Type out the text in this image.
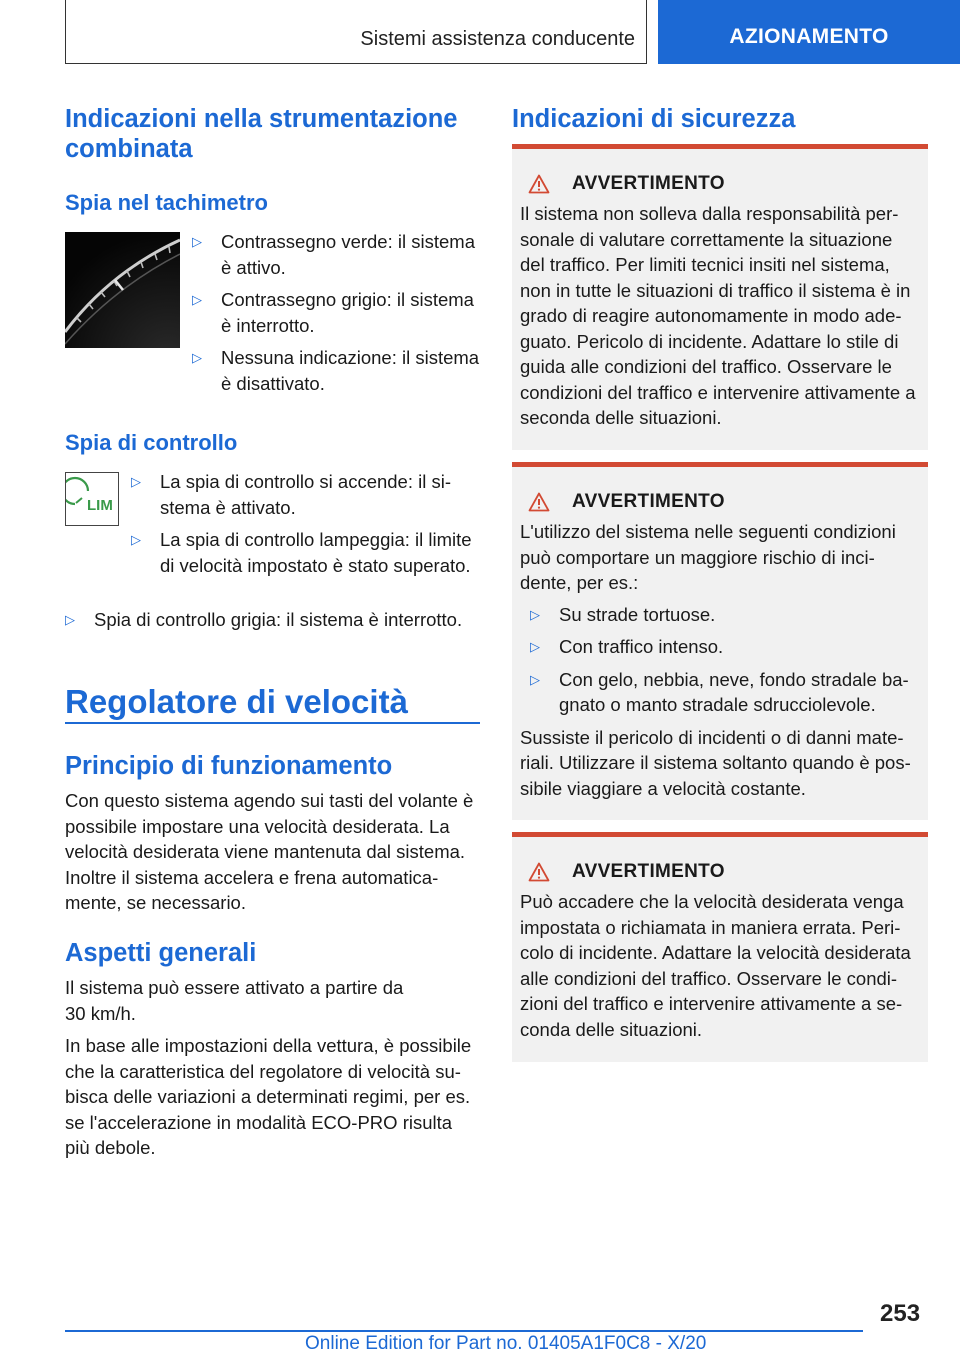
Sistemi assistenza conducente	AZIONAMENTO
Indicazioni nella strumentazione combinata
Spia nel tachimetro
▷ Contrassegno verde: il sistema è attivo.
▷ Contrassegno grigio: il sistema è interrotto.
▷ Nessuna indicazione: il sistema è disattivato.
Spia di controllo
LIM
▷ La spia di controllo si accende: il sistema è attivato.
▷ La spia di controllo lampeggia: il limite di velocità impostato è stato superato.
▷ Spia di controllo grigia: il sistema è interrotto.
Regolatore di velocità
Principio di funzionamento
Con questo sistema agendo sui tasti del volante è possibile impostare una velocità desiderata. La velocità desiderata viene mantenuta dal sistema. Inoltre il sistema accelera e frena automaticamente, se necessario.
Aspetti generali
Il sistema può essere attivato a partire da 30 km/h.
In base alle impostazioni della vettura, è possibile che la caratteristica del regolatore di velocità subisca delle variazioni a determinati regimi, per es. se l'accelerazione in modalità ECO-PRO risulta più debole.
Indicazioni di sicurezza
AVVERTIMENTO
Il sistema non solleva dalla responsabilità personale di valutare correttamente la situazione del traffico. Per limiti tecnici insiti nel sistema, non in tutte le situazioni di traffico il sistema è in grado di reagire autonomamente in modo adeguato. Pericolo di incidente. Adattare lo stile di guida alle condizioni del traffico. Osservare le condizioni del traffico e intervenire attivamente a seconda delle situazioni.
AVVERTIMENTO
L'utilizzo del sistema nelle seguenti condizioni può comportare un maggiore rischio di incidente, per es.:
▷ Su strade tortuose.
▷ Con traffico intenso.
▷ Con gelo, nebbia, neve, fondo stradale bagnato o manto stradale sdrucciolevole.
Sussiste il pericolo di incidenti o di danni materiali. Utilizzare il sistema soltanto quando è possibile viaggiare a velocità costante.
AVVERTIMENTO
Può accadere che la velocità desiderata venga impostata o richiamata in maniera errata. Pericolo di incidente. Adattare la velocità desiderata alle condizioni del traffico. Osservare le condizioni del traffico e intervenire attivamente a seconda delle situazioni.
253
Online Edition for Part no. 01405A1F0C8 - X/20
